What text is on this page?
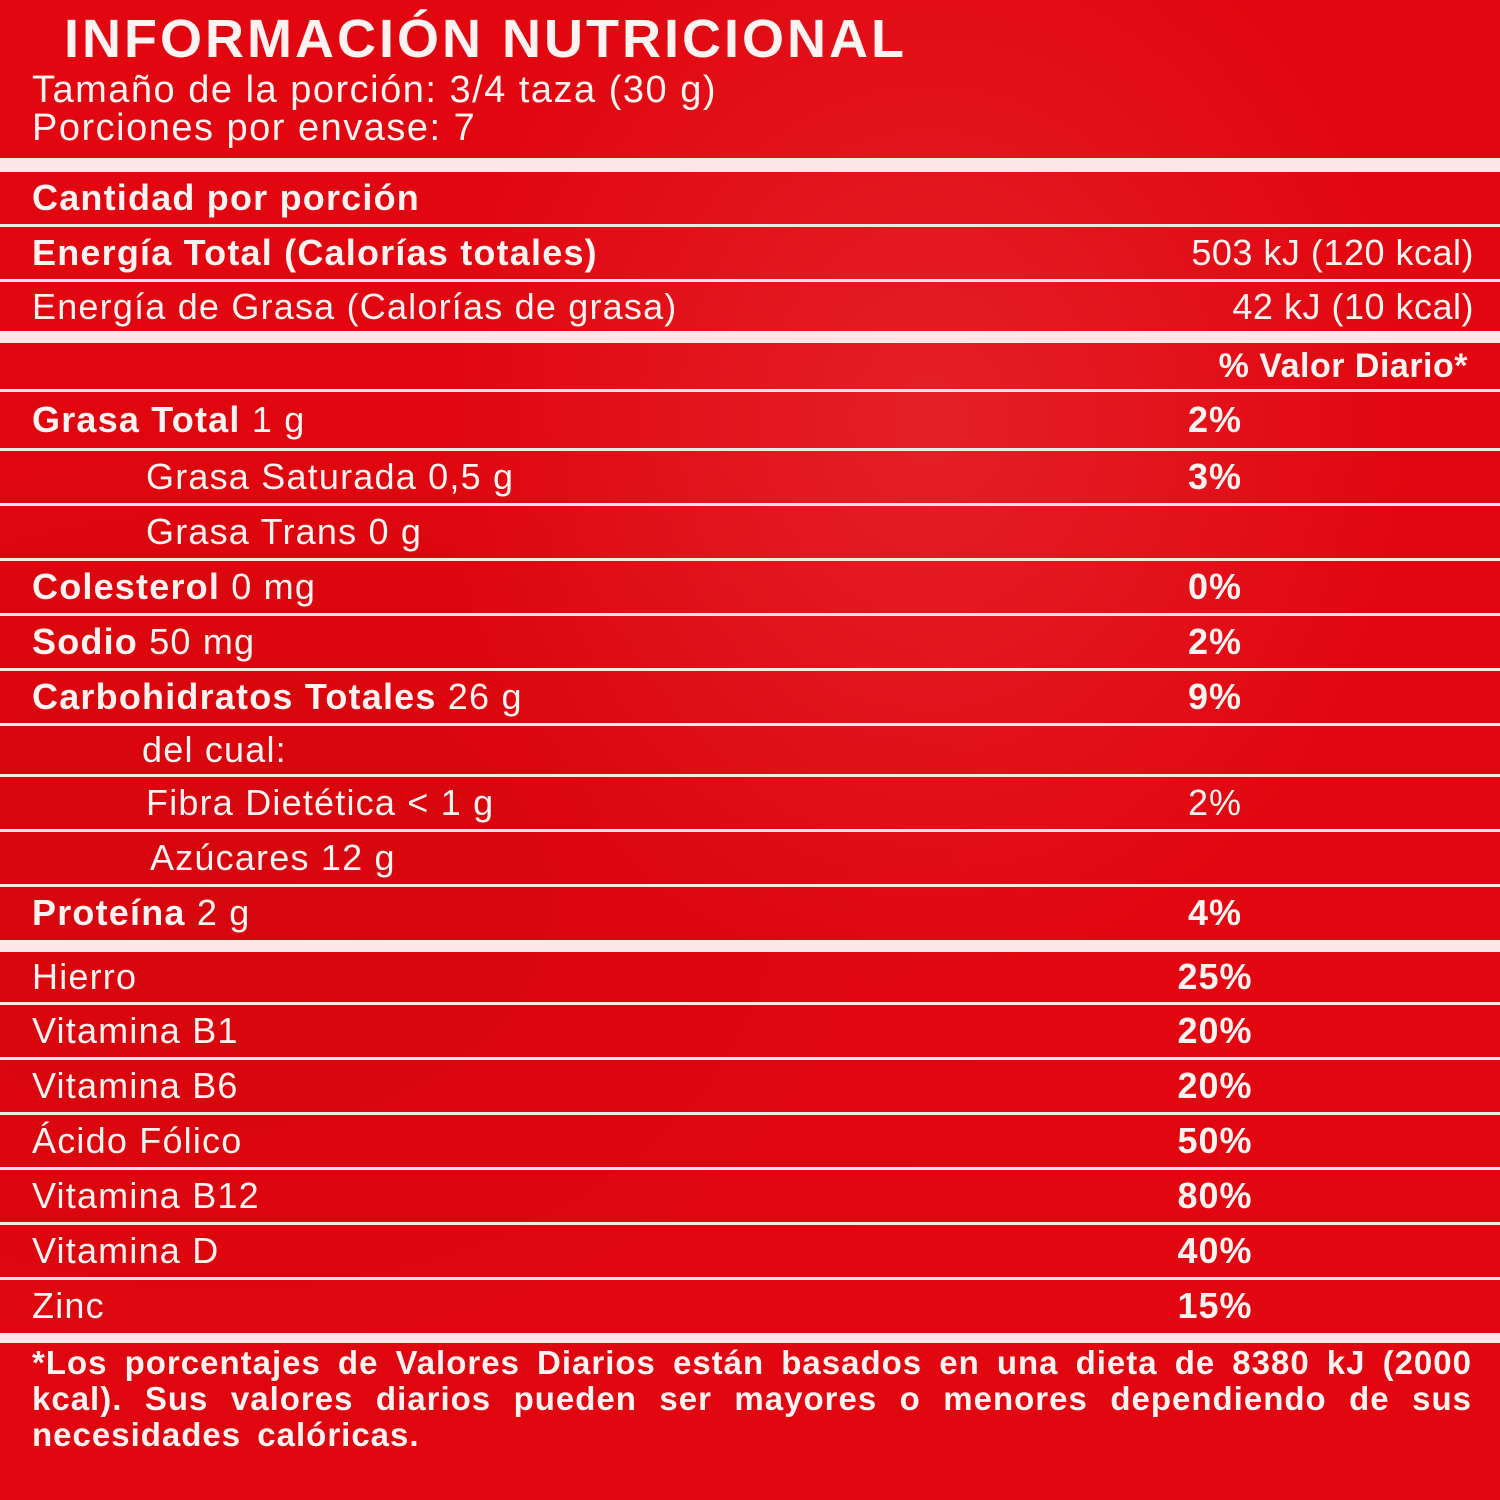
INFORMACIÓN NUTRICIONAL
Tamaño de la porción: 3/4 taza (30 g)
Porciones por envase: 7
Cantidad por porción
Energía Total (Calorías totales)	503 kJ (120 kcal)
Energía de Grasa (Calorías de grasa)	42 kJ (10 kcal)
% Valor Diario*
Grasa Total 1 g	2%
Grasa Saturada 0,5 g	3%
Grasa Trans 0 g
Colesterol 0 mg	0%
Sodio 50 mg	2%
Carbohidratos Totales 26 g	9%
del cual:
Fibra Dietética < 1 g	2%
Azúcares 12 g
Proteína 2 g	4%
Hierro	25%
Vitamina B1	20%
Vitamina B6	20%
Ácido Fólico	50%
Vitamina B12	80%
Vitamina D	40%
Zinc	15%
*Los porcentajes de Valores Diarios están basados en una dieta de 8380 kJ (2000 kcal). Sus valores diarios pueden ser mayores o menores dependiendo de sus necesidades calóricas.
